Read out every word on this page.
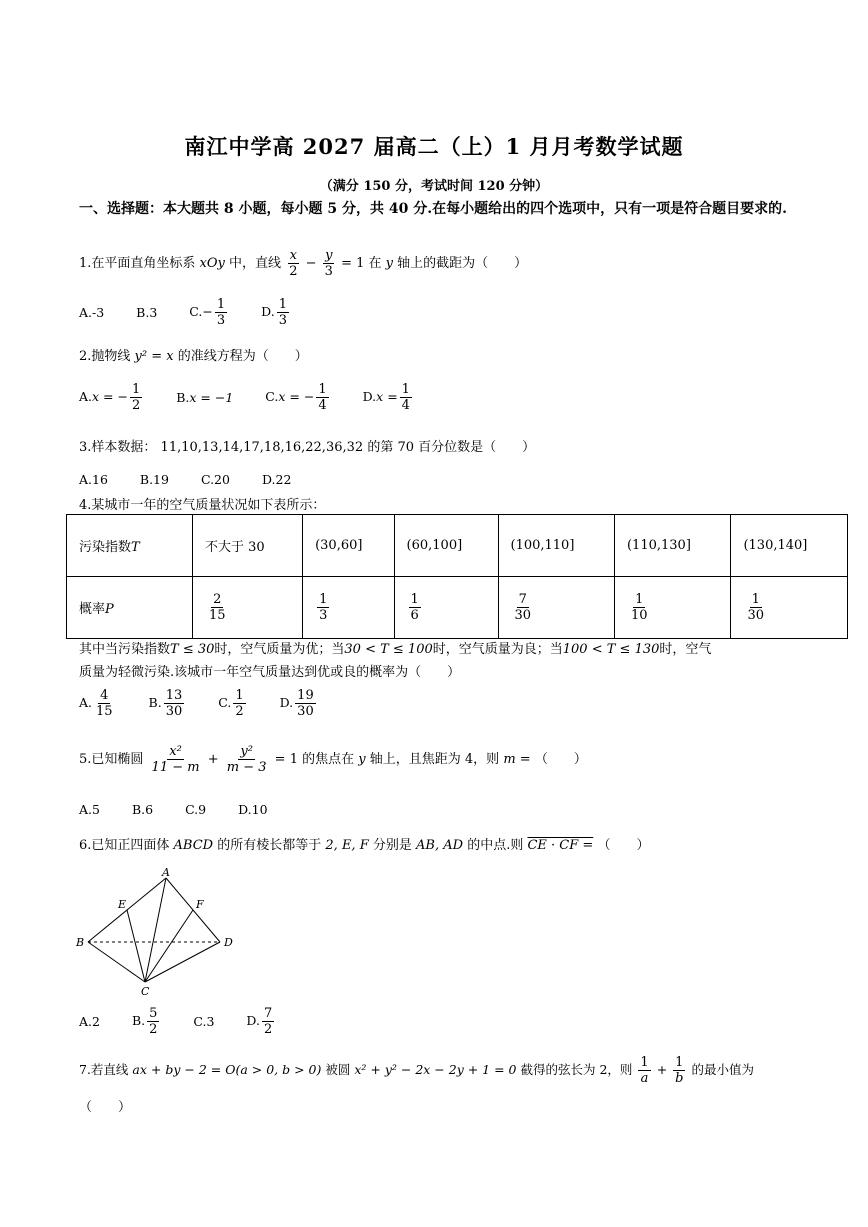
南江中学高 2027 届高二（上）1 月月考数学试题
（满分 150 分，考试时间 120 分钟）
一、选择题：本大题共 8 小题，每小题 5 分，共 40 分.在每小题给出的四个选项中，只有一项是符合题目要求的.
1.在平面直角坐标系 xOy 中，直线 $\frac{x}{2} - \frac{y}{3} = 1$ 在 y 轴上的截距为（　　）
A.-3	B.3	$C.- \frac{1}{3}$	D. $\frac{1}{3}$
2.抛物线 y² = x 的准线方程为（　　）
A.x = − $\frac{1}{2}$	B.x = −1	C.x = − $\frac{1}{4}$	$D.x = \frac{1}{4}$
3.样本数据： 11,10,13,14,17,18,16,22,36,32 的第 70 百分位数是（　　）
A.16	B.19	C.20	D.22
4.某城市一年的空气质量状况如下表所示：
污染指数T	不大于 30	(30,60]	(60,100]	(100,110]	(110,130]	(130,140]
概率P	$\frac{2}{15}$	$\frac{1}{3}$	$\frac{1}{6}$	$\frac{7}{30}$	$\frac{1}{10}$	$\frac{1}{30}$
其中当污染指数T ≤ 30时，空气质量为优；当30 < T ≤ 100时，空气质量为良；当100 < T ≤ 130时，空气
质量为轻微污染.该城市一年空气质量达到优或良的概率为（　　）
A. $\frac{4}{15}$	B. $\frac{13}{30}$	C. $\frac{1}{2}$	D. $\frac{19}{30}$
5.已知椭圆 $\frac{\text{x²}}{11 - m} + \frac{\text{y²}}{m - 3} = 1$ 的焦点在 y 轴上，且焦距为 4，则 m = （　　）
A.5	B.6	C.9	D.10
6.已知正四面体 ABCD 的所有棱长都等于 2, E, F 分别是 AB, AD 的中点.则 CE · CF = （　　）
A
B
C
D
E	F
A.2	B. $\frac{5}{2}$	C.3	D. $\frac{7}{2}$
7.若直线 ax + by − 2 = O(a > 0, b > 0) 被圆 x² + y² − 2x − 2y + 1 = 0 截得的弦长为 2，则 $\frac{1}{a} + \frac{1}{b}$ 的最小值为
（　　）
